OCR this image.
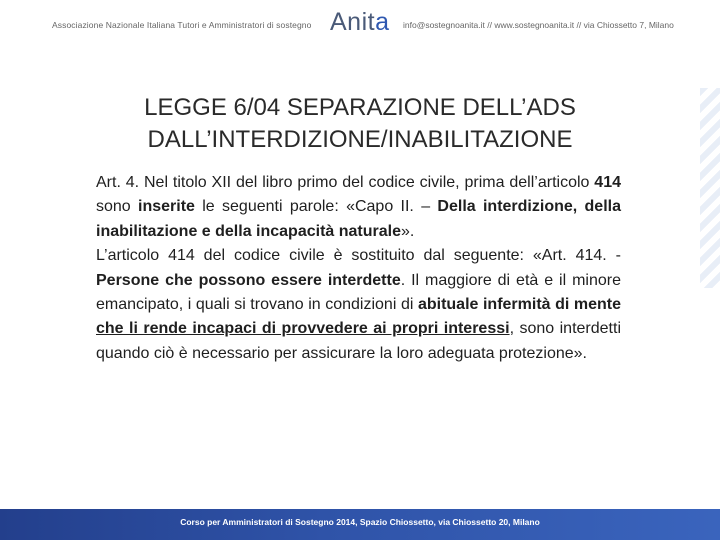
Associazione Nazionale Italiana Tutori e Amministratori di sostegno Anita info@sostegnoanita.it // www.sostegnoanita.it // via Chiossetto 7, Milano
LEGGE 6/04 SEPARAZIONE DELL’ADS
DALL’INTERDIZIONE/INABILITAZIONE

Art. 4. Nel titolo XII del libro primo del codice civile, prima dell’articolo 414 sono inserite le seguenti parole: «Capo II. – Della interdizione, della inabilitazione e della incapacità naturale».

L’articolo 414 del codice civile è sostituito dal seguente: «Art. 414. - Persone che possono essere interdette. Il maggiore di età e il minore emancipato, i quali si trovano in condizioni di abituale infermità di mente che li rende incapaci di provvedere ai propri interessi, sono interdetti quando ciò è necessario per assicurare la loro adeguata protezione».

Corso per Amministratori di Sostegno 2014, Spazio Chiossetto, via Chiossetto 20, Milano
